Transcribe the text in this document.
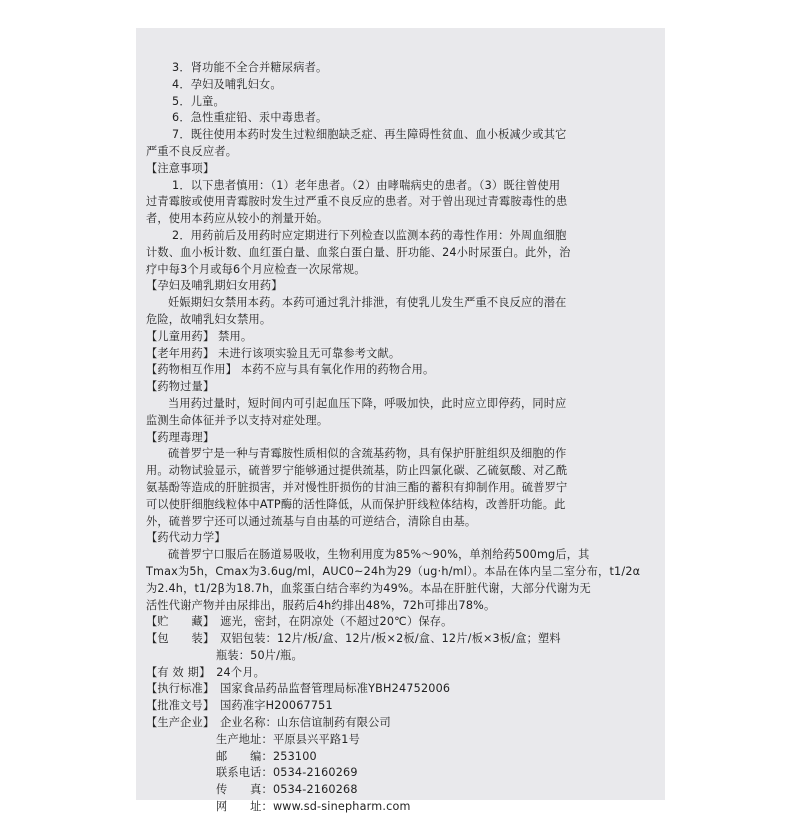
3．肾功能不全合并糖尿病者。
4．孕妇及哺乳妇女。
5．儿童。
6．急性重症铅、汞中毒患者。
7．既往使用本药时发生过粒细胞缺乏症、再生障碍性贫血、血小板减少或其它
严重不良反应者。
【注意事项】
1．以下患者慎用：（1）老年患者。（2）由哮喘病史的患者。（3）既往曾使用
过青霉胺或使用青霉胺时发生过严重不良反应的患者。对于曾出现过青霉胺毒性的患
者，使用本药应从较小的剂量开始。
2．用药前后及用药时应定期进行下列检查以监测本药的毒性作用：外周血细胞
计数、血小板计数、血红蛋白量、血浆白蛋白量、肝功能、24小时尿蛋白。此外，治
疗中每3个月或每6个月应检查一次尿常规。
【孕妇及哺乳期妇女用药】
妊娠期妇女禁用本药。本药可通过乳汁排泄，有使乳儿发生严重不良反应的潜在
危险，故哺乳妇女禁用。
【儿童用药】 禁用。
【老年用药】 未进行该项实验且无可靠参考文献。
【药物相互作用】 本药不应与具有氧化作用的药物合用。
【药物过量】
当用药过量时，短时间内可引起血压下降，呼吸加快，此时应立即停药，同时应
监测生命体征并予以支持对症处理。
【药理毒理】
硫普罗宁是一种与青霉胺性质相似的含巯基药物，具有保护肝脏组织及细胞的作
用。动物试验显示，硫普罗宁能够通过提供巯基，防止四氯化碳、乙硫氨酸、对乙酰
氨基酚等造成的肝脏损害，并对慢性肝损伤的甘油三酯的蓄积有抑制作用。硫普罗宁
可以使肝细胞线粒体中ATP酶的活性降低，从而保护肝线粒体结构，改善肝功能。此
外，硫普罗宁还可以通过巯基与自由基的可逆结合，清除自由基。
【药代动力学】
硫普罗宁口服后在肠道易吸收，生物利用度为85%～90%，单剂给药500mg后，其
Tmax为5h，Cmax为3.6ug/ml，AUC0~24h为29（ug·h/ml）。本品在体内呈二室分布，t1/2α
为2.4h，t1/2β为18.7h，血浆蛋白结合率约为49%。本品在肝脏代谢，大部分代谢为无
活性代谢产物并由尿排出，服药后4h约排出48%，72h可排出78%。
【贮　　藏】　遮光，密封，在阴凉处（不超过20℃）保存。
【包　　装】　双铝包装：12片/板/盒、12片/板×2板/盒、12片/板×3板/盒；塑料
瓶装：50片/瓶。
【有 效 期】　24个月。
【执行标准】　国家食品药品监督管理局标准YBH24752006
【批准文号】　国药准字H20067751
【生产企业】　企业名称：山东信谊制药有限公司
生产地址：平原县兴平路1号
邮　　编：253100
联系电话：0534-2160269
传　　真：0534-2160268
网　　址：www.sd-sinepharm.com
